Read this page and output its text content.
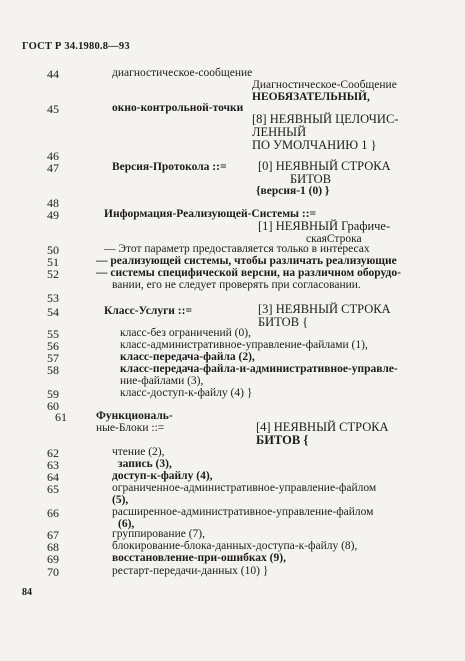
ГОСТ Р 34.1980.8—93
44
45
46
47
48
49
50
51
52
53
54
55
56
57
58
59
60
61
62
63
64
65
66
67
68
69
70
диагностическое-сообщение
окно-контрольной-точки
Версия-Протокола ::=
Информация-Реализующей-Системы ::=
— Этот параметр предоставляется только в интересах
— реализующей системы, чтобы различать реализующие
— системы специфической версии, на различном оборудо-
вании, его не следует проверять при согласовании.
Класс-Услуги ::=
класс-без ограничений (0),
класс-административное-управление-файлами (1),
класс-передача-файла (2),
класс-передача-файла-и-административное-управле-
ние-файлами (3),
класс-доступ-к-файлу (4) }
Функциональ-
ные-Блоки ::=
чтение (2),
запись (3),
доступ-к-файлу (4),
ограниченное-административное-управление-файлом
(5),
расширенное-административное-управление-файлом
(6),
группирование (7),
блокирование-блока-данных-доступа-к-файлу (8),
восстановление-при-ошибках (9),
рестарт-передачи-данных (10) }
Диагностическое-Сообщение
НЕОБЯЗАТЕЛЬНЫЙ,
[8] НЕЯВНЫЙ ЦЕЛОЧИС-
ЛЕННЫЙ
ПО УМОЛЧАНИЮ 1 }
[0] НЕЯВНЫЙ СТРОКА
БИТОВ
{версия-1 (0) }
[1] НЕЯВНЫЙ Графиче-
скаяСтрока
[3] НЕЯВНЫЙ СТРОКА
БИТОВ {
[4] НЕЯВНЫЙ СТРОКА
БИТОВ {
84
